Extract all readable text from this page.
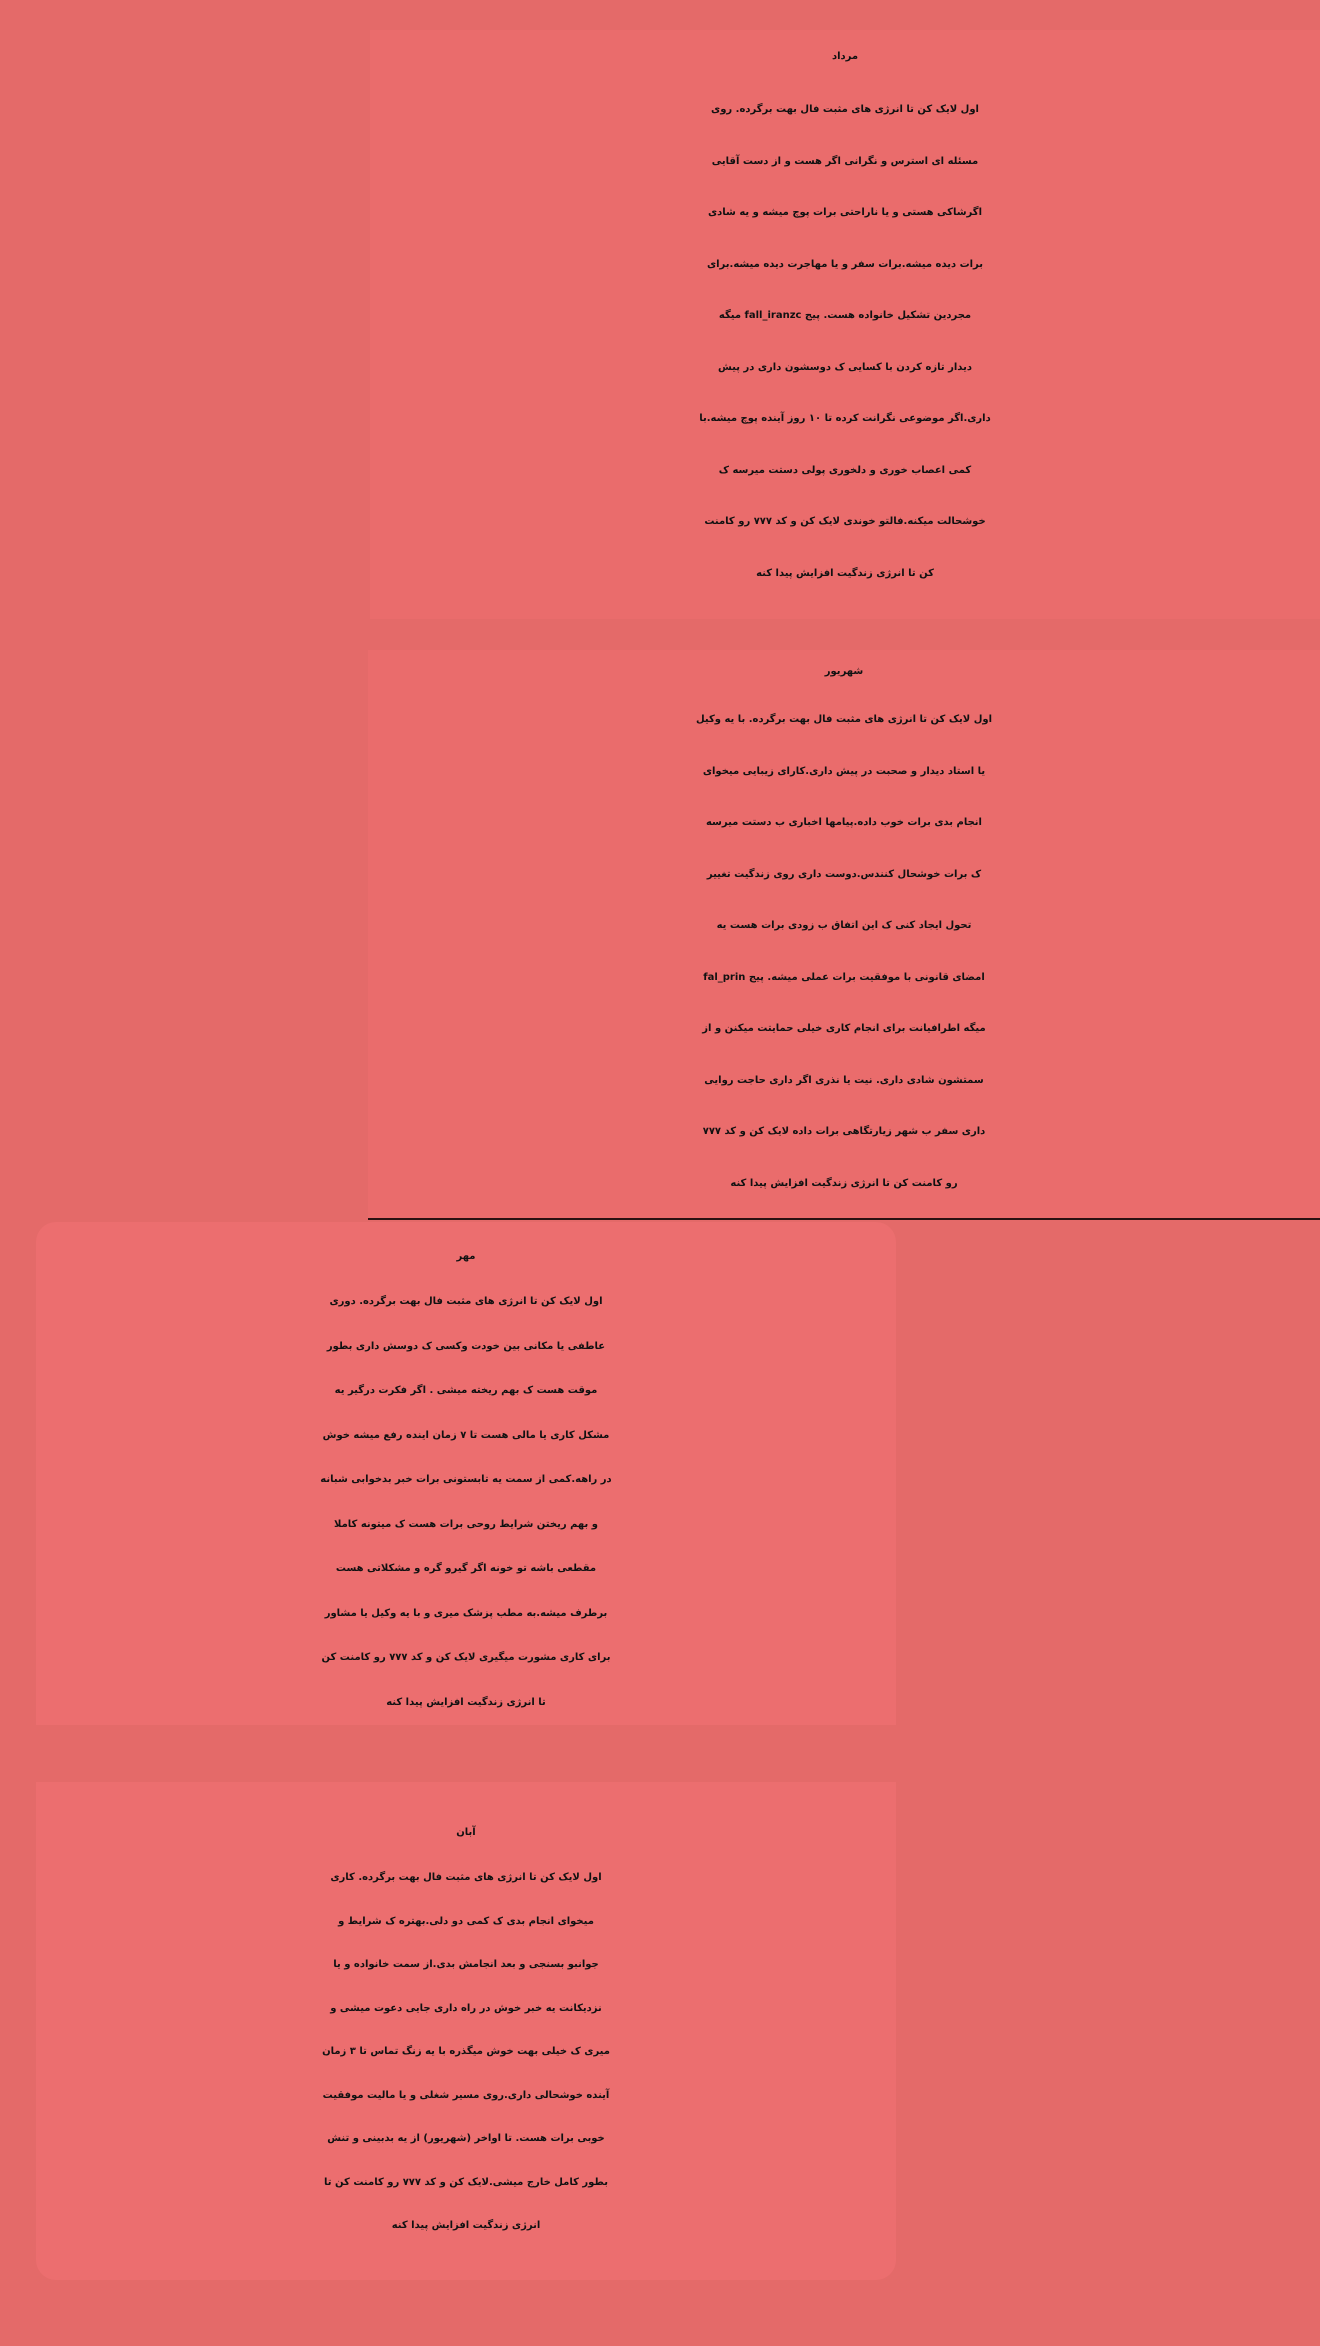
مرداد

اول لایک کن تا انرژی های مثبت فال بهت برگرده. روی

مسئله ای استرس و نگرانی اگر هست و از دست آقایی

اگرشاکی هستی و یا ناراحتی برات پوچ میشه و یه شادی

برات دیده میشه.برات سفر و یا مهاجرت دیده میشه.برای

مجردین تشکیل خانواده هست. پیج fall_iranzc میگه

دیدار تازه کردن با کسایی ک دوسشون داری در پیش

داری.اگر موضوعی نگرانت کرده تا ۱۰ روز آینده پوچ میشه.با

کمی اعصاب خوری و دلخوری پولی دستت میرسه ک

خوشحالت میکنه.فالتو خوندی لایک کن و کد ۷۷۷ رو کامنت

کن تا انرژی زندگیت افزایش پیدا کنه

شهریور

اول لایک کن تا انرژی های مثبت فال بهت برگرده. با یه وکیل

یا استاد دیدار و صحبت در پیش داری.کارای زیبایی میخوای

انجام بدی برات خوب داده.پیامها اخباری ب دستت میرسه

ک برات خوشحال کنندس.دوست داری روی زندگیت تغییر

تحول ایجاد کنی ک این اتفاق ب زودی برات هست یه

امضای قانونی با موفقیت برات عملی میشه. پیج fal_prin

میگه اطرافیانت برای انجام کاری خیلی حمایتت میکنن و از

سمتشون شادی داری. نیت یا نذری اگر داری حاجت روایی

داری سفر ب شهر زیارتگاهی برات داده لایک کن و کد ۷۷۷

رو کامنت کن تا انرژی زندگیت افزایش پیدا کنه

مهر

اول لایک کن تا انرژی های مثبت فال بهت برگرده. دوری

عاطفی یا مکانی بین خودت وکسی ک دوسش داری بطور

موقت هست ک بهم ریخته میشی . اگر فکرت درگیر یه

مشکل کاری یا مالی هست تا ۷ زمان اینده رفع میشه خوش

در راهه.کمی از سمت یه تابستونی برات خبر بدخوابی شبانه

و بهم ریختن شرایط روحی برات هست ک میتونه کاملا

مقطعی باشه تو خونه اگر گیرو گره و مشکلاتی هست

برطرف میشه.به مطب پزشک میری و با یه وکیل یا مشاور

برای کاری مشورت میگیری لایک کن و کد ۷۷۷ رو کامنت کن

تا انرژی زندگیت افزایش پیدا کنه

آبان

اول لایک کن تا انرژی های مثبت فال بهت برگرده. کاری

میخوای انجام بدی ک کمی دو دلی.بهتره ک شرایط و

جوانبو بسنجی و بعد انجامش بدی.از سمت خانواده و یا

نزدیکانت یه خبر خوش در راه داری جایی دعوت میشی و

میری ک خیلی بهت خوش میگذره با یه زنگ تماس تا ۳ زمان

آینده خوشحالی داری.روی مسیر شغلی و یا مالیت موفقیت

خوبی برات هست. تا اواخر (شهریور) از یه بدبینی و تنش

بطور کامل خارج میشی.لایک کن و کد ۷۷۷ رو کامنت کن تا

انرژی زندگیت افزایش پیدا کنه
